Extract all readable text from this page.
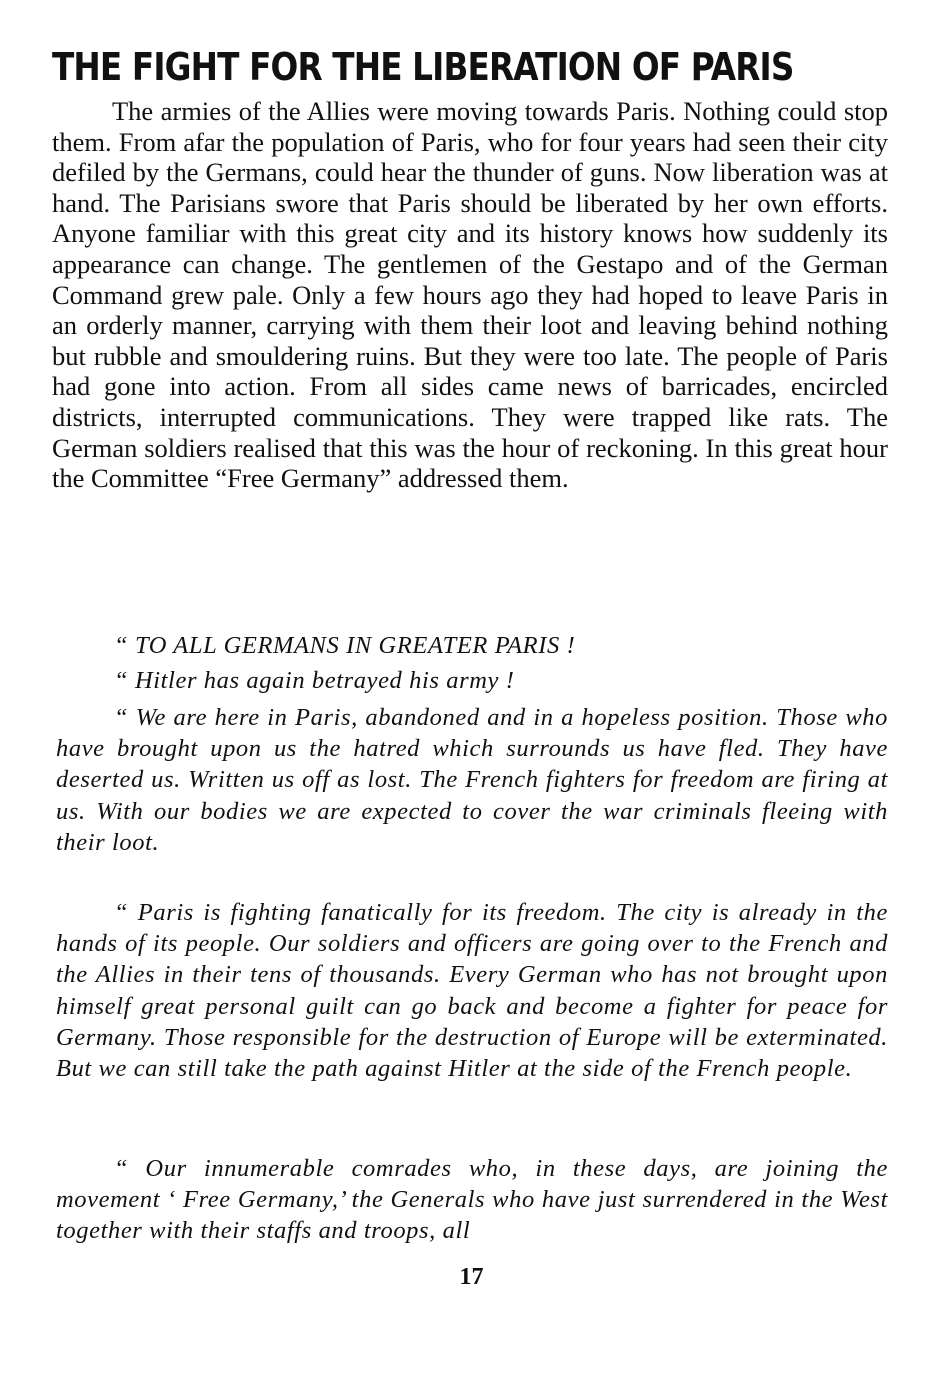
THE FIGHT FOR THE LIBERATION OF PARIS

The armies of the Allies were moving towards Paris. Nothing could stop them. From afar the population of Paris, who for four years had seen their city defiled by the Germans, could hear the thunder of guns. Now liberation was at hand. The Parisians swore that Paris should be liberated by her own efforts. Anyone familiar with this great city and its history knows how suddenly its appearance can change. The gentlemen of the Gestapo and of the German Command grew pale. Only a few hours ago they had hoped to leave Paris in an orderly manner, carrying with them their loot and leaving behind nothing but rubble and smouldering ruins. But they were too late. The people of Paris had gone into action. From all sides came news of barricades, encircled districts, interrupted communications. They were trapped like rats. The German soldiers realised that this was the hour of reckoning. In this great hour the Committee “Free Germany” addressed them.

“ TO ALL GERMANS IN GREATER PARIS !

“ Hitler has again betrayed his army !

“ We are here in Paris, abandoned and in a hopeless position. Those who have brought upon us the hatred which surrounds us have fled. They have deserted us. Written us off as lost. The French fighters for freedom are firing at us. With our bodies we are expected to cover the war criminals fleeing with their loot.

“ Paris is fighting fanatically for its freedom. The city is already in the hands of its people. Our soldiers and officers are going over to the French and the Allies in their tens of thousands. Every German who has not brought upon himself great personal guilt can go back and become a fighter for peace for Germany. Those responsible for the destruction of Europe will be exterminated. But we can still take the path against Hitler at the side of the French people.

“ Our innumerable comrades who, in these days, are joining the movement ‘ Free Germany,’ the Generals who have just surrendered in the West together with their staffs and troops, all

17
